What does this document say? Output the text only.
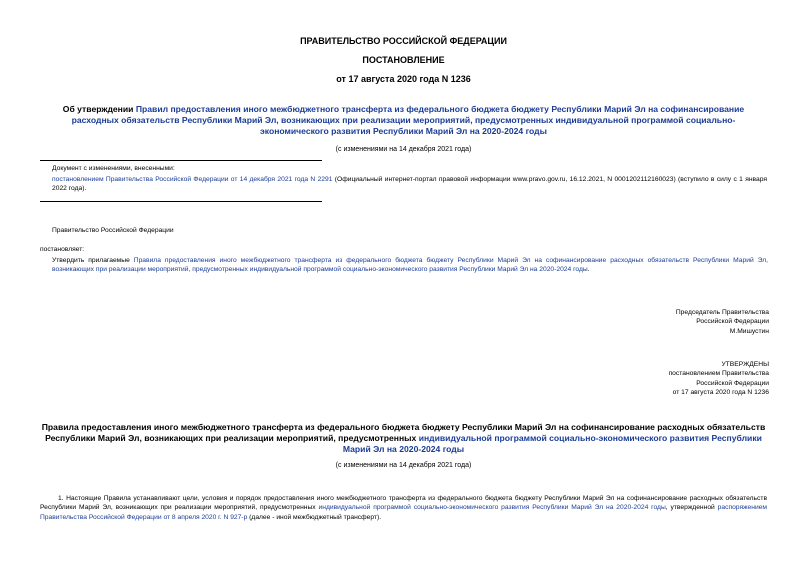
ПРАВИТЕЛЬСТВО РОССИЙСКОЙ ФЕДЕРАЦИИ
ПОСТАНОВЛЕНИЕ
от 17 августа 2020 года N 1236
Об утверждении Правил предоставления иного межбюджетного трансферта из федерального бюджета бюджету Республики Марий Эл на софинансирование расходных обязательств Республики Марий Эл, возникающих при реализации мероприятий, предусмотренных индивидуальной программой социально-экономического развития Республики Марий Эл на 2020-2024 годы
(с изменениями на 14 декабря 2021 года)
Документ с изменениями, внесенными:
постановлением Правительства Российской Федерации от 14 декабря 2021 года N 2291 (Официальный интернет-портал правовой информации www.pravo.gov.ru, 16.12.2021, N 0001202112160023) (вступило в силу с 1 января 2022 года).
Правительство Российской Федерации
постановляет:
Утвердить прилагаемые Правила предоставления иного межбюджетного трансферта из федерального бюджета бюджету Республики Марий Эл на софинансирование расходных обязательств Республики Марий Эл, возникающих при реализации мероприятий, предусмотренных индивидуальной программой социально-экономического развития Республики Марий Эл на 2020-2024 годы.
Председатель Правительства
Российской Федерации
М.Мишустин
УТВЕРЖДЕНЫ
постановлением Правительства
Российской Федерации
от 17 августа 2020 года N 1236
Правила предоставления иного межбюджетного трансферта из федерального бюджета бюджету Республики Марий Эл на софинансирование расходных обязательств Республики Марий Эл, возникающих при реализации мероприятий, предусмотренных индивидуальной программой социально-экономического развития Республики Марий Эл на 2020-2024 годы
(с изменениями на 14 декабря 2021 года)
1. Настоящие Правила устанавливают цели, условия и порядок предоставления иного межбюджетного трансферта из федерального бюджета бюджету Республики Марий Эл на софинансирование расходных обязательств Республики Марий Эл, возникающих при реализации мероприятий, предусмотренных индивидуальной программой социально-экономического развития Республики Марий Эл на 2020-2024 годы, утвержденной распоряжением Правительства Российской Федерации от 8 апреля 2020 г. N 927-р (далее - иной межбюджетный трансферт).
